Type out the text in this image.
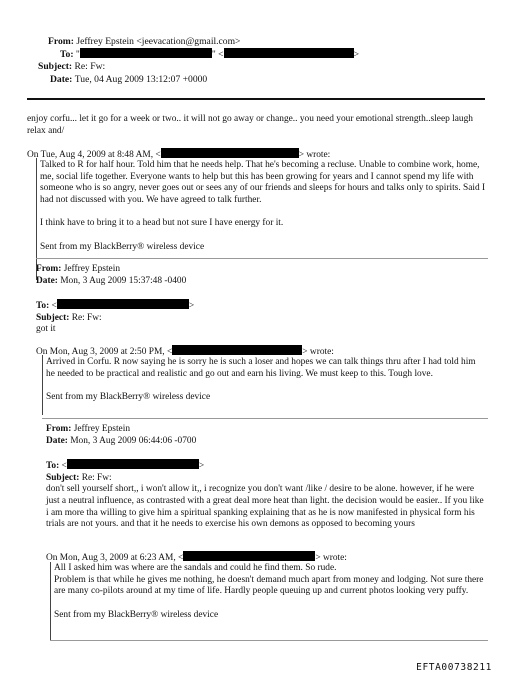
From: Jeffrey Epstein <jeevacation@gmail.com>
To: "	" <	>
Subject: Re: Fw:
Date: Tue, 04 Aug 2009 13:12:07 +0000

enjoy corfu... let it go for a week or two.. it will not go away or change.. you need your emotional strength..sleep laugh relax and/

On Tue, Aug 4, 2009 at 8:48 AM, <	> wrote:

Talked to R for half hour. Told him that he needs help. That he's becoming a recluse. Unable to combine work, home, me, social life together. Everyone wants to help but this has been growing for years and I cannot spend my life with someone who is so angry, never goes out or sees any of our friends and sleeps for hours and talks only to spirits. Said I had not discussed with you. We have agreed to talk further.

I think have to bring it to a head but not sure I have energy for it.

Sent from my BlackBerry® wireless device

From: Jeffrey Epstein

Date: Mon, 3 Aug 2009 15:37:48 -0400

To: <	>

Subject: Re: Fw:

got it

On Mon, Aug 3, 2009 at 2:50 PM, <	> wrote:

Arrived in Corfu. R now saying he is sorry he is such a loser and hopes we can talk things thru after I had told him he needed to be practical and realistic and go out and earn his living. We must keep to this. Tough love.

Sent from my BlackBerry® wireless device

From: Jeffrey Epstein

Date: Mon, 3 Aug 2009 06:44:06 -0700

To: <	>

Subject: Re: Fw:

don't sell yourself short,, i won't allow it,, i recognize you don't want /like / desire to be alone. however, if he were just a neutral influence, as contrasted with a great deal more heat than light. the decision would be easier.. If you like i am more tha willing to give him a spiritual spanking explaining that as he is now manifested in physical form his trials are not yours. and that it he needs to exercise his own demons as opposed to becoming yours

On Mon, Aug 3, 2009 at 6:23 AM, <	> wrote:

All I asked him was where are the sandals and could he find them. So rude.

Problem is that while he gives me nothing, he doesn't demand much apart from money and lodging. Not sure there are many co-pilots around at my time of life. Hardly people queuing up and current photos looking very puffy.

Sent from my BlackBerry® wireless device

EFTA00738211
